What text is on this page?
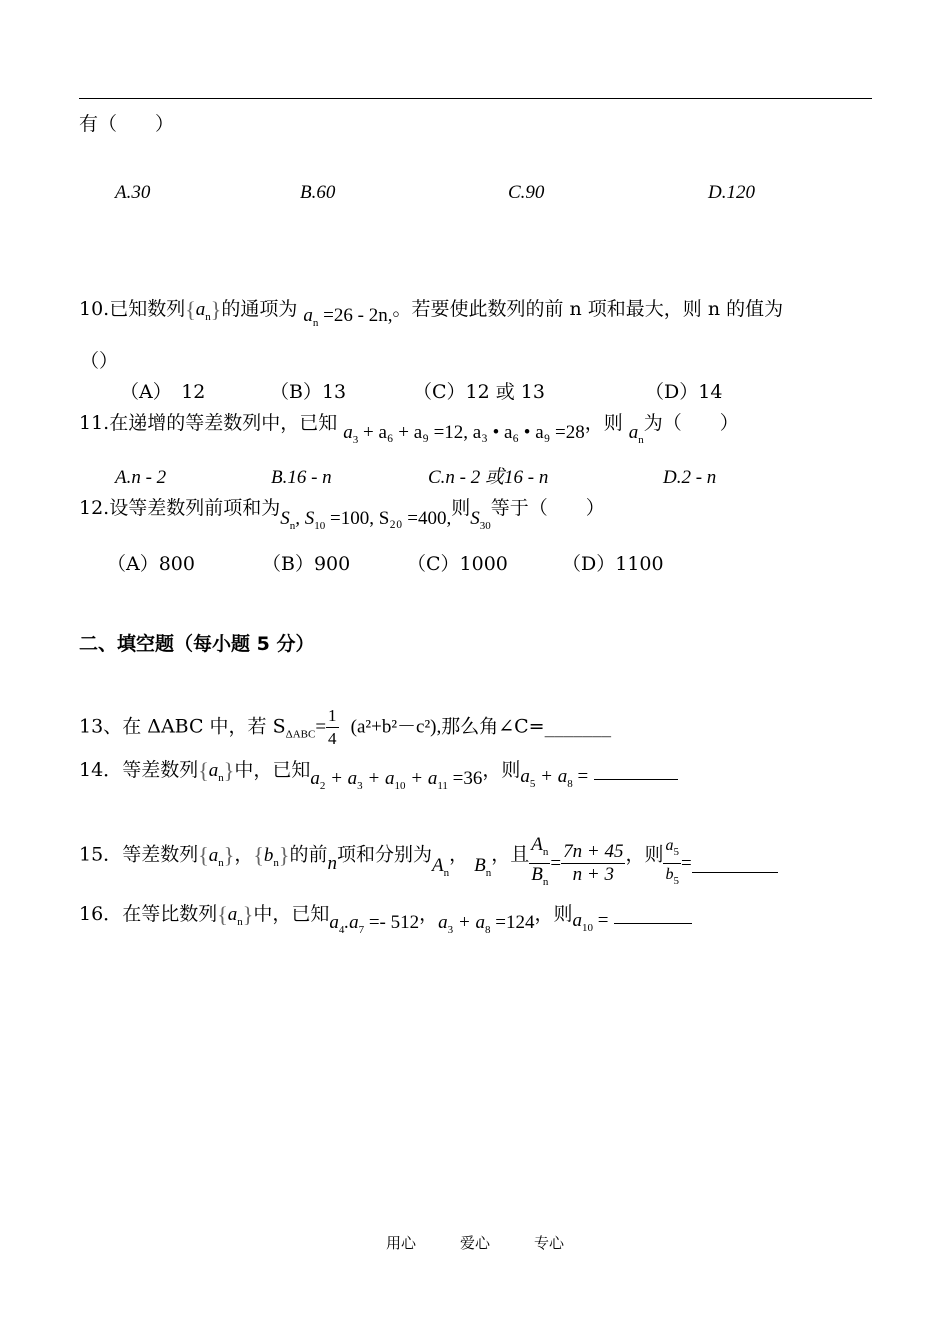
有（　　）
A.30	B.60	C.90	D.120
10.已知数列$\{a_n\}$的通项为 $a_n =26 - 2n$,。若要使此数列的前 n 项和最大，则 n 的值为
（）
（A）　12	（B）13	（C）12 或 13	（D）14
11.在递增的等差数列中，已知 $a_3 + a_6 + a_9 =12$, a₃ • a₆ • a₉ =28，则 $a_n$为（　　）
A.n - 2	B.16 - n	C.n - 2 或16 - n	D.2 - n
12.设等差数列前项和为$S_n$, $S_{10} =100$, S₂₀ =400,则$S_{30}$等于（　　）
（A）800	（B）900	（C）1000	（D）1100
二、填空题（每小题 5 分）
13、在 ΔABC 中，若 $S_{\Delta ABC}= \frac{1}{4} (a^2+b^2-c^2)$,那么角∠C=_______
14．等差数列$\{a_n\}$中，已知$a_2 + a_3 + a_{10} + a_{11} =36$，则$a_5 + a_8$ =
15．等差数列$\{a_n\}$，$\{b_n\}$的前n项和分别为$A_n$， $B_n$，且 $\frac{A_n}{B_n} = \frac{7n + 45}{n + 3}$ ，则 $\frac{a_5}{b_5}$ =
16．在等比数列$\{a_n\}$中，已知$a_4.a_7 =- 512$，$a_3 + a_8 =124$，则$a_{10}$ =
用心	爱心	专心
